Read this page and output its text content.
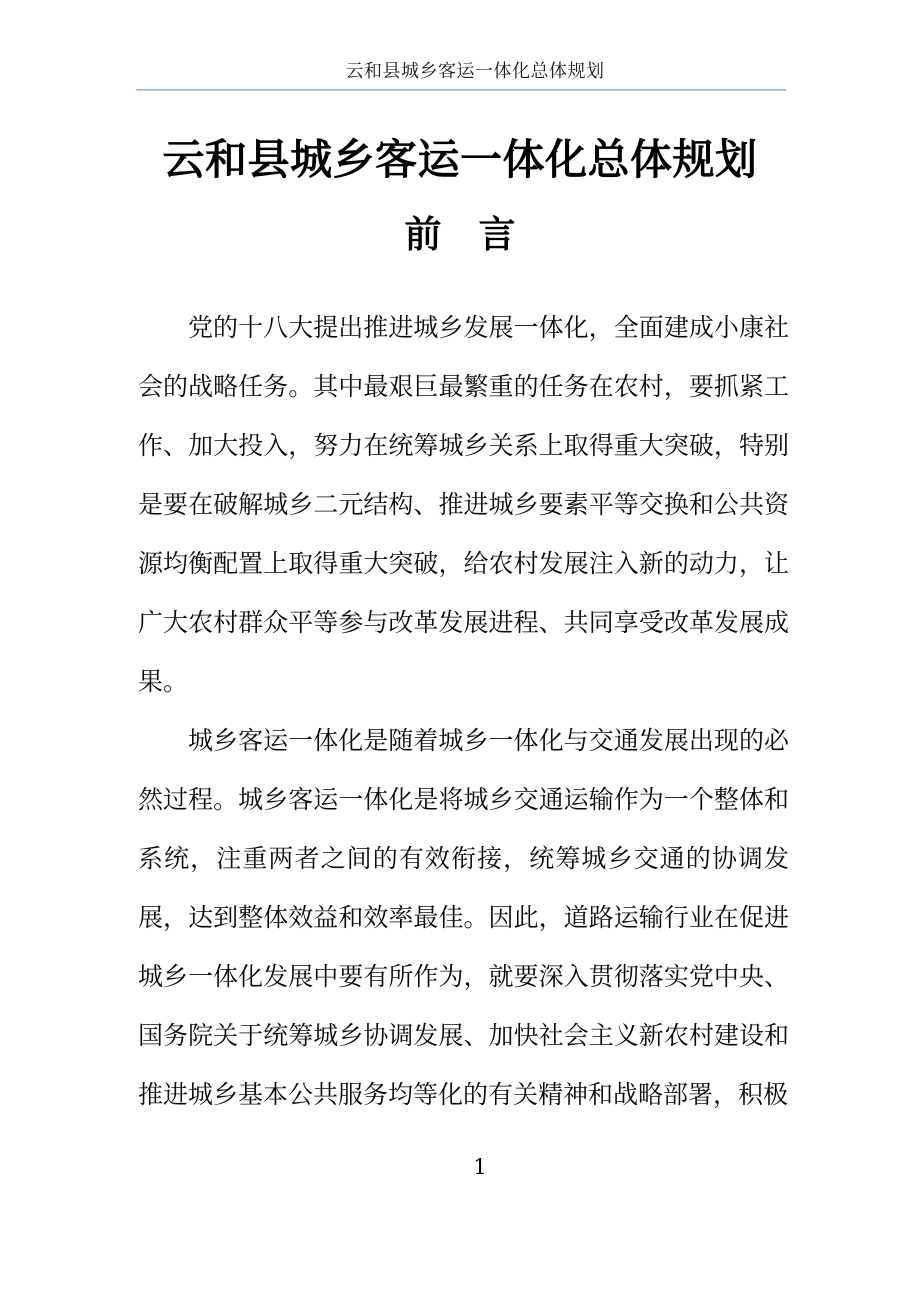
云和县城乡客运一体化总体规划
云和县城乡客运一体化总体规划
前　言

党的十八大提出推进城乡发展一体化，全面建成小康社会的战略任务。其中最艰巨最繁重的任务在农村，要抓紧工作、加大投入，努力在统筹城乡关系上取得重大突破，特别是要在破解城乡二元结构、推进城乡要素平等交换和公共资源均衡配置上取得重大突破，给农村发展注入新的动力，让广大农村群众平等参与改革发展进程、共同享受改革发展成果。

城乡客运一体化是随着城乡一体化与交通发展出现的必然过程。城乡客运一体化是将城乡交通运输作为一个整体和系统，注重两者之间的有效衔接，统筹城乡交通的协调发展，达到整体效益和效率最佳。因此，道路运输行业在促进城乡一体化发展中要有所作为，就要深入贯彻落实党中央、国务院关于统筹城乡协调发展、加快社会主义新农村建设和推进城乡基本公共服务均等化的有关精神和战略部署，积极

1
